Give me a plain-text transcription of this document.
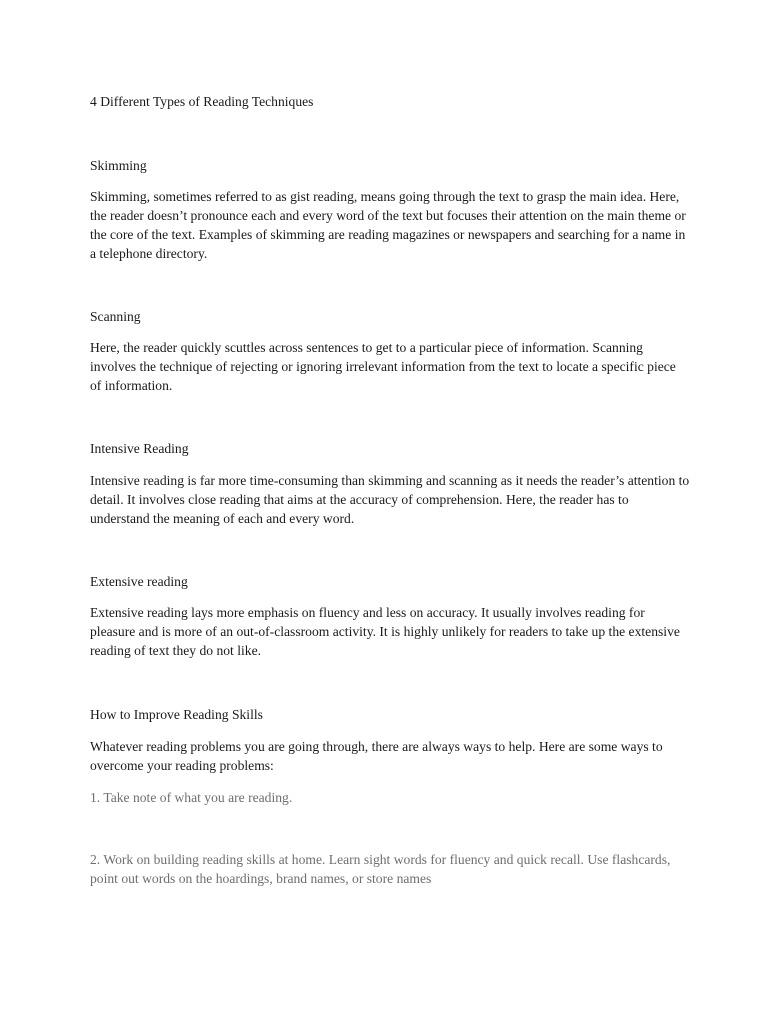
4 Different Types of Reading Techniques

Skimming

Skimming, sometimes referred to as gist reading, means going through the text to grasp the main idea. Here, the reader doesn’t pronounce each and every word of the text but focuses their attention on the main theme or the core of the text. Examples of skimming are reading magazines or newspapers and searching for a name in a telephone directory.

Scanning

Here, the reader quickly scuttles across sentences to get to a particular piece of information. Scanning involves the technique of rejecting or ignoring irrelevant information from the text to locate a specific piece of information.

Intensive Reading

Intensive reading is far more time-consuming than skimming and scanning as it needs the reader’s attention to detail. It involves close reading that aims at the accuracy of comprehension. Here, the reader has to understand the meaning of each and every word.

Extensive reading

Extensive reading lays more emphasis on fluency and less on accuracy. It usually involves reading for pleasure and is more of an out-of-classroom activity. It is highly unlikely for readers to take up the extensive reading of text they do not like.

How to Improve Reading Skills

Whatever reading problems you are going through, there are always ways to help. Here are some ways to overcome your reading problems:

1. Take note of what you are reading.

2. Work on building reading skills at home. Learn sight words for fluency and quick recall. Use flashcards, point out words on the hoardings, brand names, or store names
